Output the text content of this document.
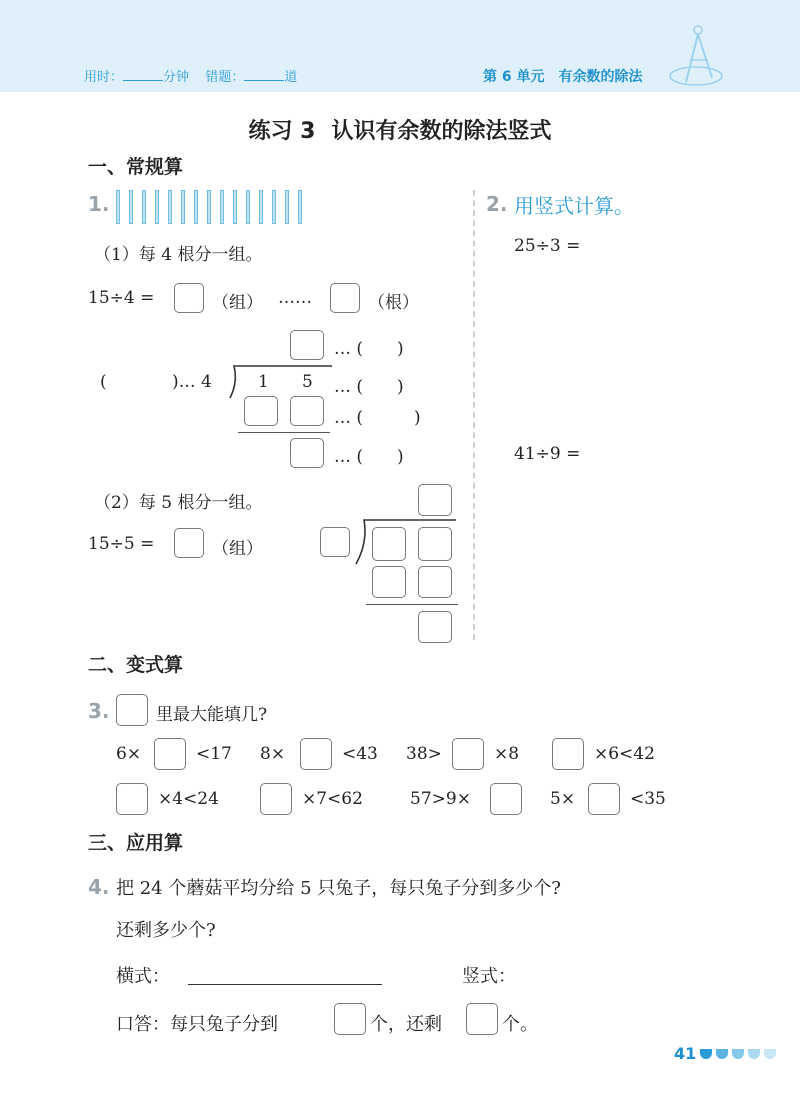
用时：	分钟 错题：	道	第 6 单元　有余数的除法
练习 3 认识有余数的除法竖式
一、常规算
1.
（1）每 4 根分一组。
15÷4 =	（组） ……	（根）
… (　　)
(	)… 4	1 5 … (　　)
… (　　　)
… (　　)
（2）每 5 根分一组。
15÷5 =	（组）
2. 用竖式计算。
25÷3 =
41÷9 =
二、变式算
3.	里最大能填几?
6×	<17 8×	<43 38>	×8	×6<42
×4<24	×7<62	57>9×	5×	<35
三、应用算
4. 把 24 个蘑菇平均分给 5 只兔子，每只兔子分到多少个?
还剩多少个?
横式：	竖式：
口答：每只兔子分到	个，还剩	个。
41
